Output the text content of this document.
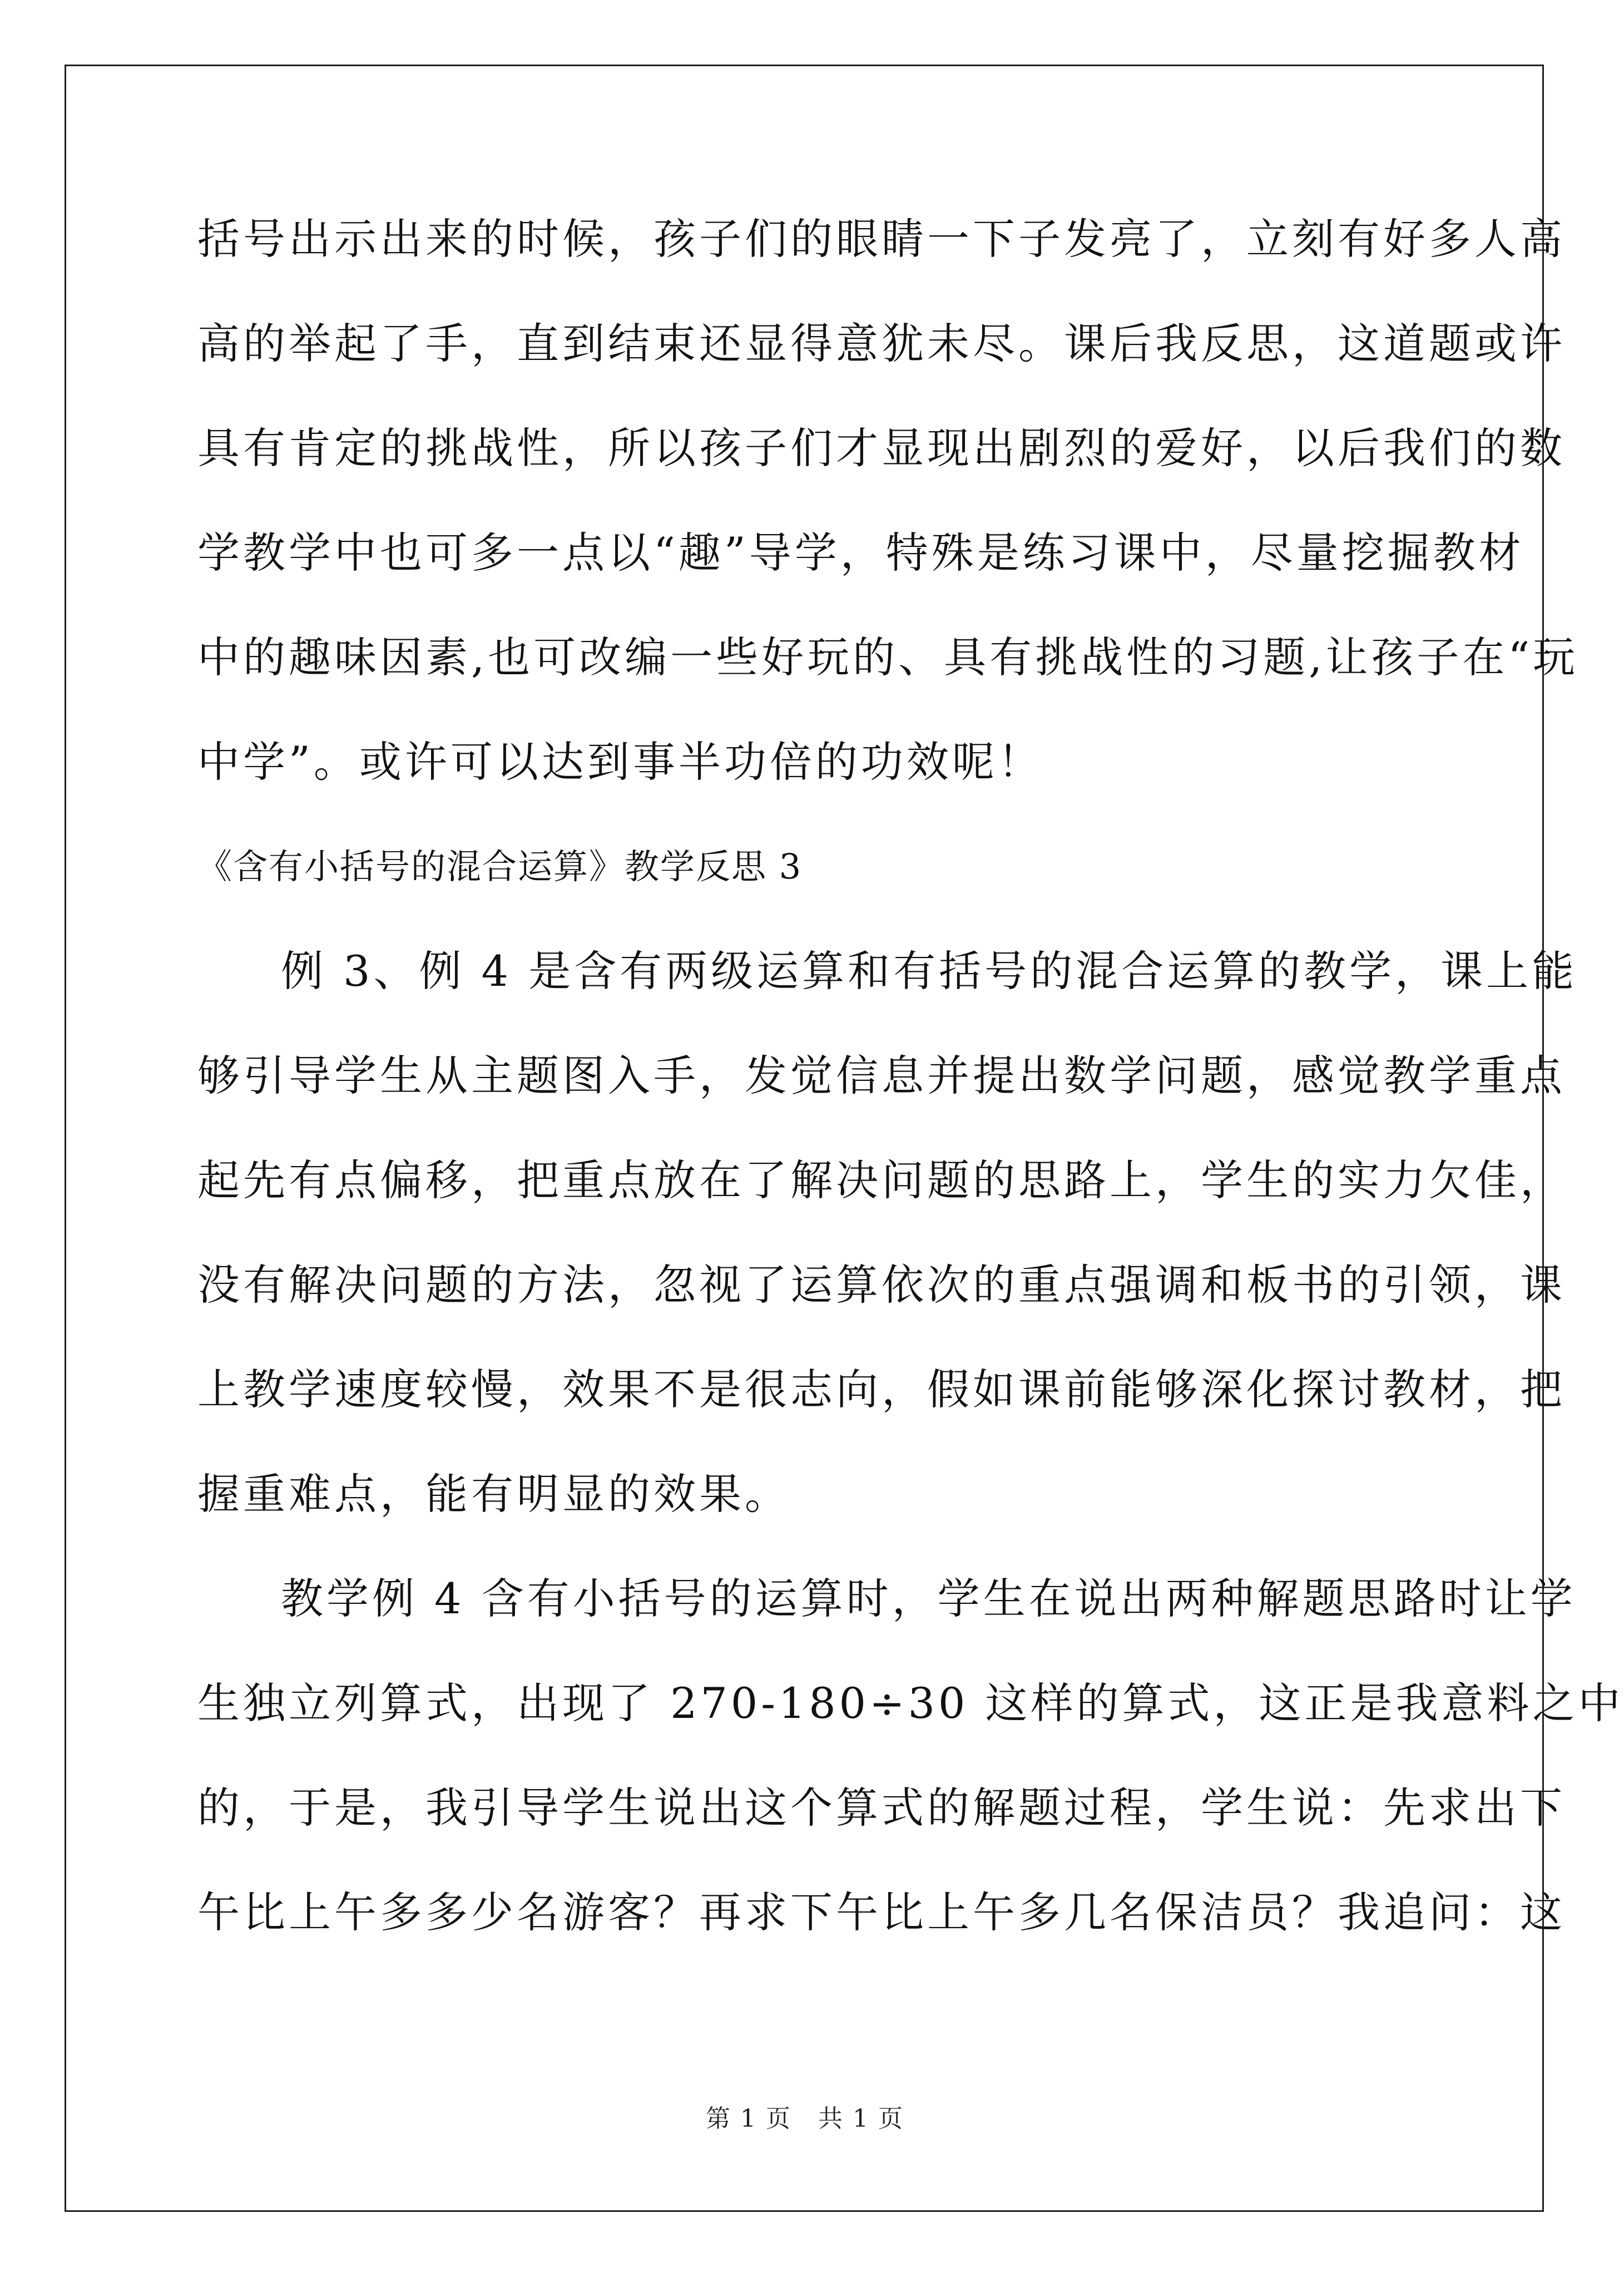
括号出示出来的时候，孩子们的眼睛一下子发亮了，立刻有好多人高
高的举起了手，直到结束还显得意犹未尽。课后我反思，这道题或许
具有肯定的挑战性，所以孩子们才显现出剧烈的爱好，以后我们的数
学教学中也可多一点以“趣”导学，特殊是练习课中，尽量挖掘教材
中的趣味因素,也可改编一些好玩的、具有挑战性的习题,让孩子在“玩
中学”。或许可以达到事半功倍的功效呢！
《含有小括号的混合运算》教学反思 3
例 3、例 4 是含有两级运算和有括号的混合运算的教学，课上能
够引导学生从主题图入手，发觉信息并提出数学问题，感觉教学重点
起先有点偏移，把重点放在了解决问题的思路上，学生的实力欠佳，
没有解决问题的方法，忽视了运算依次的重点强调和板书的引领，课
上教学速度较慢，效果不是很志向，假如课前能够深化探讨教材，把
握重难点，能有明显的效果。
教学例 4 含有小括号的运算时，学生在说出两种解题思路时让学
生独立列算式，出现了 270-180÷30 这样的算式，这正是我意料之中
的，于是，我引导学生说出这个算式的解题过程，学生说：先求出下
午比上午多多少名游客？再求下午比上午多几名保洁员？我追问：这
第 1 页   共 1 页
